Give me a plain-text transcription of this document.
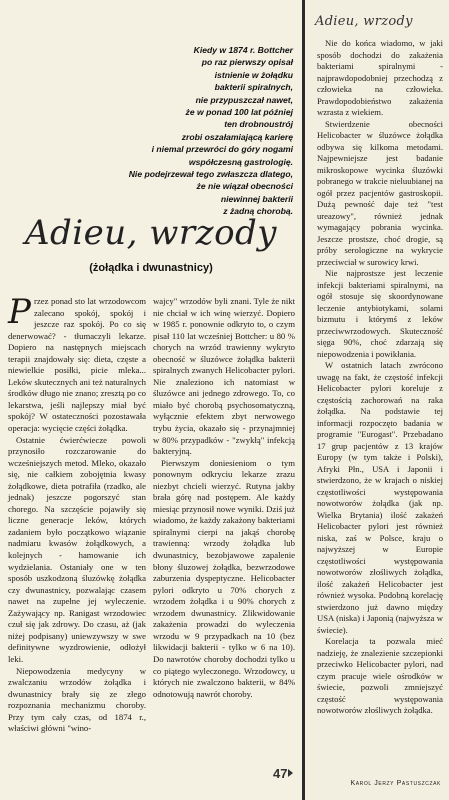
Kiedy w 1874 r. Bottcher

po raz pierwszy opisał

istnienie w żołądku

bakterii spiralnych,

nie przypuszczał nawet,

że w ponad 100 lat później

ten drobnoustrój

zrobi oszałamiającą karierę

i niemal przewróci do góry nogami

współczesną gastrologię.

Nie podejrzewał tego zwłaszcza dlatego,

że nie wiązał obecności

niewinnej bakterii

z żadną chorobą.

Adieu, wrzody
(żołądka i dwunastnicy)

Przez ponad sto lat wrzodowcom zalecano spokój, spokój i jeszcze raz spokój. Po co się denerwować? - tłumaczyli lekarze. Dopiero na następnych miejscach terapii znajdowały się: dieta, częste a niewielkie posiłki, picie mleka... Leków skutecznych ani też naturalnych środków długo nie znano; zresztą po co lekarstwa, jeśli najlepszy miał być spokój? W ostateczności pozostawała operacja: wycięcie części żołądka.

Ostatnie ćwierćwiecze powoli przynosiło rozczarowanie do wcześniejszych metod. Mleko, okazało się, nie całkiem zobojętnia kwasy żołądkowe, dieta potrafiła (rzadko, ale jednak) jeszcze pogorszyć stan chorego. Na szczęście pojawiły się liczne generacje leków, których zadaniem było początkowo wiązanie nadmiaru kwasów żołądkowych, a kolejnych - hamowanie ich wydzielania. Ostaniały one w ten sposób uszkodzoną śluzówkę żołądka czy dwunastnicy, pozwalając czasem nawet na zupełne jej wyleczenie. Zażywający np. Ranigast wrzodowiec czuł się jak zdrowy. Do czasu, aż (jak niżej podpisany) uniewzywszy w swe definitywne wyzdrowienie, odłożył leki.

Niepowodzenia medycyny w zwalczaniu wrzodów żołądka i dwunastnicy brały się ze złego rozpoznania mechanizmu choroby. Przy tym cały czas, od 1874 r., właściwi główni "wino-

wajcy" wrzodów byli znani. Tyle że nikt nie chciał w ich winę wierzyć. Dopiero w 1985 r. ponownie odkryto to, o czym pisał 110 lat wcześniej Bottcher: u 80 % chorych na wrzód trawienny wykryto obecność w śluzówce żołądka bakterii spiralnych zwanych Helicobacter pylori. Nie znaleziono ich natomiast w śluzówce ani jednego zdrowego. To, co miało być chorobą psychosomatyczną, wyłącznie efektem zbyt nerwowego trybu życia, okazało się - przynajmniej w 80% przypadków - "zwykłą" infekcją bakteryjną.

Pierwszym doniesieniom o tym ponownym odkryciu lekarze zrazu niezbyt chcieli wierzyć. Rutyna jakby brała górę nad postępem. Ale każdy miesiąc przynosił nowe wyniki. Dziś już wiadomo, że każdy zakażony bakteriami spiralnymi cierpi na jakąś chorobę trawienną: wrzody żołądka lub dwunastnicy, bezobjawowe zapalenie błony śluzowej żołądka, bezwrzodowe zaburzenia dyspeptyczne. Helicobacter pylori odkryto u 70% chorych z wrzodem żołądka i u 90% chorych z wrzodem dwunastnicy. Zlikwidowanie zakażenia prowadzi do wyleczenia wrzodu w 9 przypadkach na 10 (bez likwidacji bakterii - tylko w 6 na 10). Do nawrotów choroby dochodzi tylko u co piątego wyleczonego. Wrzodowcy, u których nie zwalczono bakterii, w 84% odnotowują nawrót choroby.

47
Adieu, wrzody

Nie do końca wiadomo, w jaki sposób dochodzi do zakażenia bakteriami spiralnymi - najprawdopodobniej przechodzą z człowieka na człowieka. Prawdopodobieństwo zakażenia wzrasta z wiekiem.

Stwierdzenie obecności Helicobacter w śluzówce żołądka odbywa się kilkoma metodami. Najpewniejsze jest badanie mikroskopowe wycinka śluzówki pobranego w trakcie nieluubianej na ogół przez pacjentów gastroskopii. Dużą pewność daje też "test ureazowy", również jednak wymagający pobrania wycinka. Jeszcze prostsze, choć drogie, są próby serologiczne na wykrycie przeciwciał w surowicy krwi.

Nie najprostsze jest leczenie infekcji bakteriami spiralnymi, na ogół stosuje się skoordynowane leczenie antybiotykami, solami bizmutu i którymś z leków przeciwwrzodowych. Skuteczność sięga 90%, choć zdarzają się niepowodzenia i powikłania.

W ostatnich latach zwrócono uwagę na fakt, że częstość infekcji Helicobacter pylori koreluje z częstością zachorowań na raka żołądka. Na podstawie tej informacji rozpoczęto badania w programie "Eurogast". Przebadano 17 grup pacjentów z 13 krajów Europy (w tym także i Polski), Afryki Płn., USA i Japonii i stwierdzono, że w krajach o niskiej częstotliwości występowania nowotworów żołądka (jak np. Wielka Brytania) ilość zakażeń Helicobacter pylori jest również niska, zaś w Polsce, kraju o najwyższej w Europie częstotliwości występowania nowotworów złośliwych żołądka, ilość zakażeń Helicobacter jest również wysoka. Podobną korelację stwierdzono już dawno między USA (niska) i Japonią (najwyższa w świecie).

Korelacja ta pozwala mieć nadzieję, że znalezienie szczepionki przeciwko Helicobacter pylori, nad czym pracuje wiele ośrodków w świecie, pozwoli zmniejszyć częstość występowania nowotworów złośliwych żołądka.

Karol Jerzy Pastuszczak
